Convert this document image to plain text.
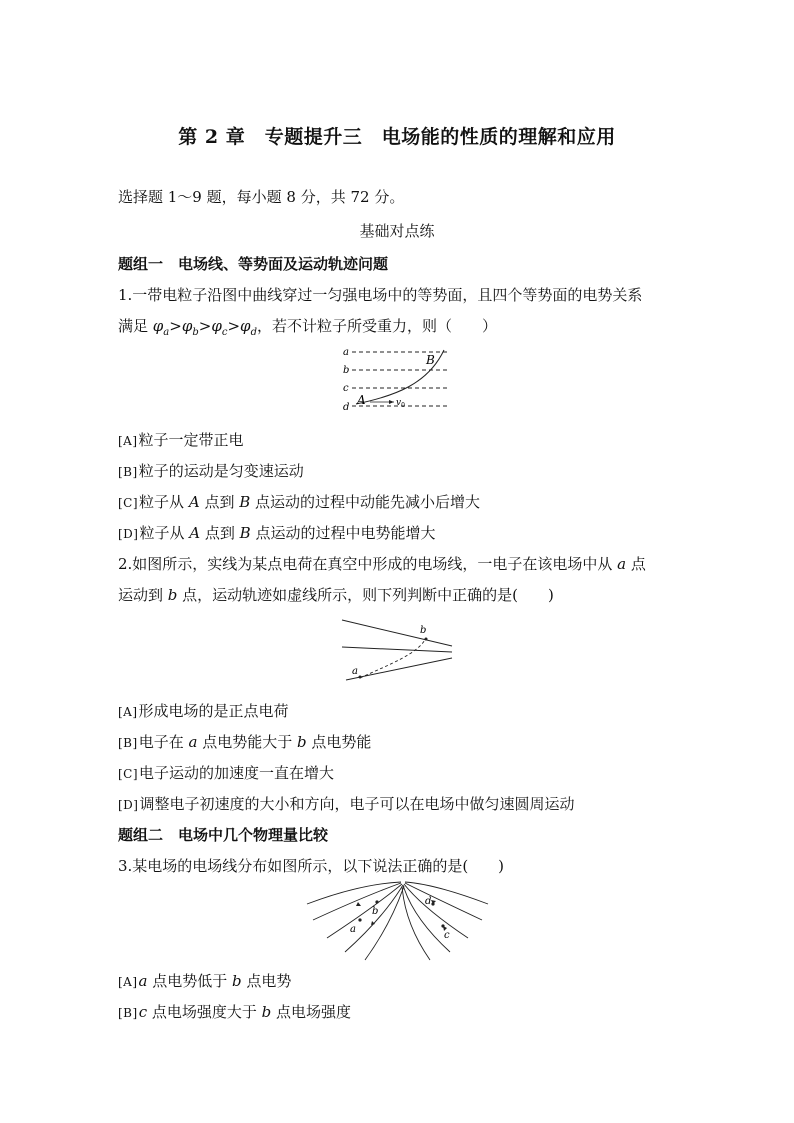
第 2 章　专题提升三　电场能的性质的理解和应用
选择题 1～9 题，每小题 8 分，共 72 分。
基础对点练
题组一　电场线、等势面及运动轨迹问题
1.一带电粒子沿图中曲线穿过一匀强电场中的等势面，且四个等势面的电势关系
满足 $\varphi_a>\varphi_b>\varphi_c>\varphi_d$，若不计粒子所受重力，则（　　）
a
b
c
d
A
B
$v_0$
[A]粒子一定带正电
[B]粒子的运动是匀变速运动
[C]粒子从 A 点到 B 点运动的过程中动能先减小后增大
[D]粒子从 A 点到 B 点运动的过程中电势能增大
2.如图所示，实线为某点电荷在真空中形成的电场线，一电子在该电场中从 a 点
运动到 b 点，运动轨迹如虚线所示，则下列判断中正确的是(　　)
a
b
[A]形成电场的是正点电荷
[B]电子在 a 点电势能大于 b 点电势能
[C]电子运动的加速度一直在增大
[D]调整电子初速度的大小和方向，电子可以在电场中做匀速圆周运动
题组二　电场中几个物理量比较
3.某电场的电场线分布如图所示，以下说法正确的是(　　)
a
b
c
d
[A]a 点电势低于 b 点电势
[B]c 点电场强度大于 b 点电场强度
